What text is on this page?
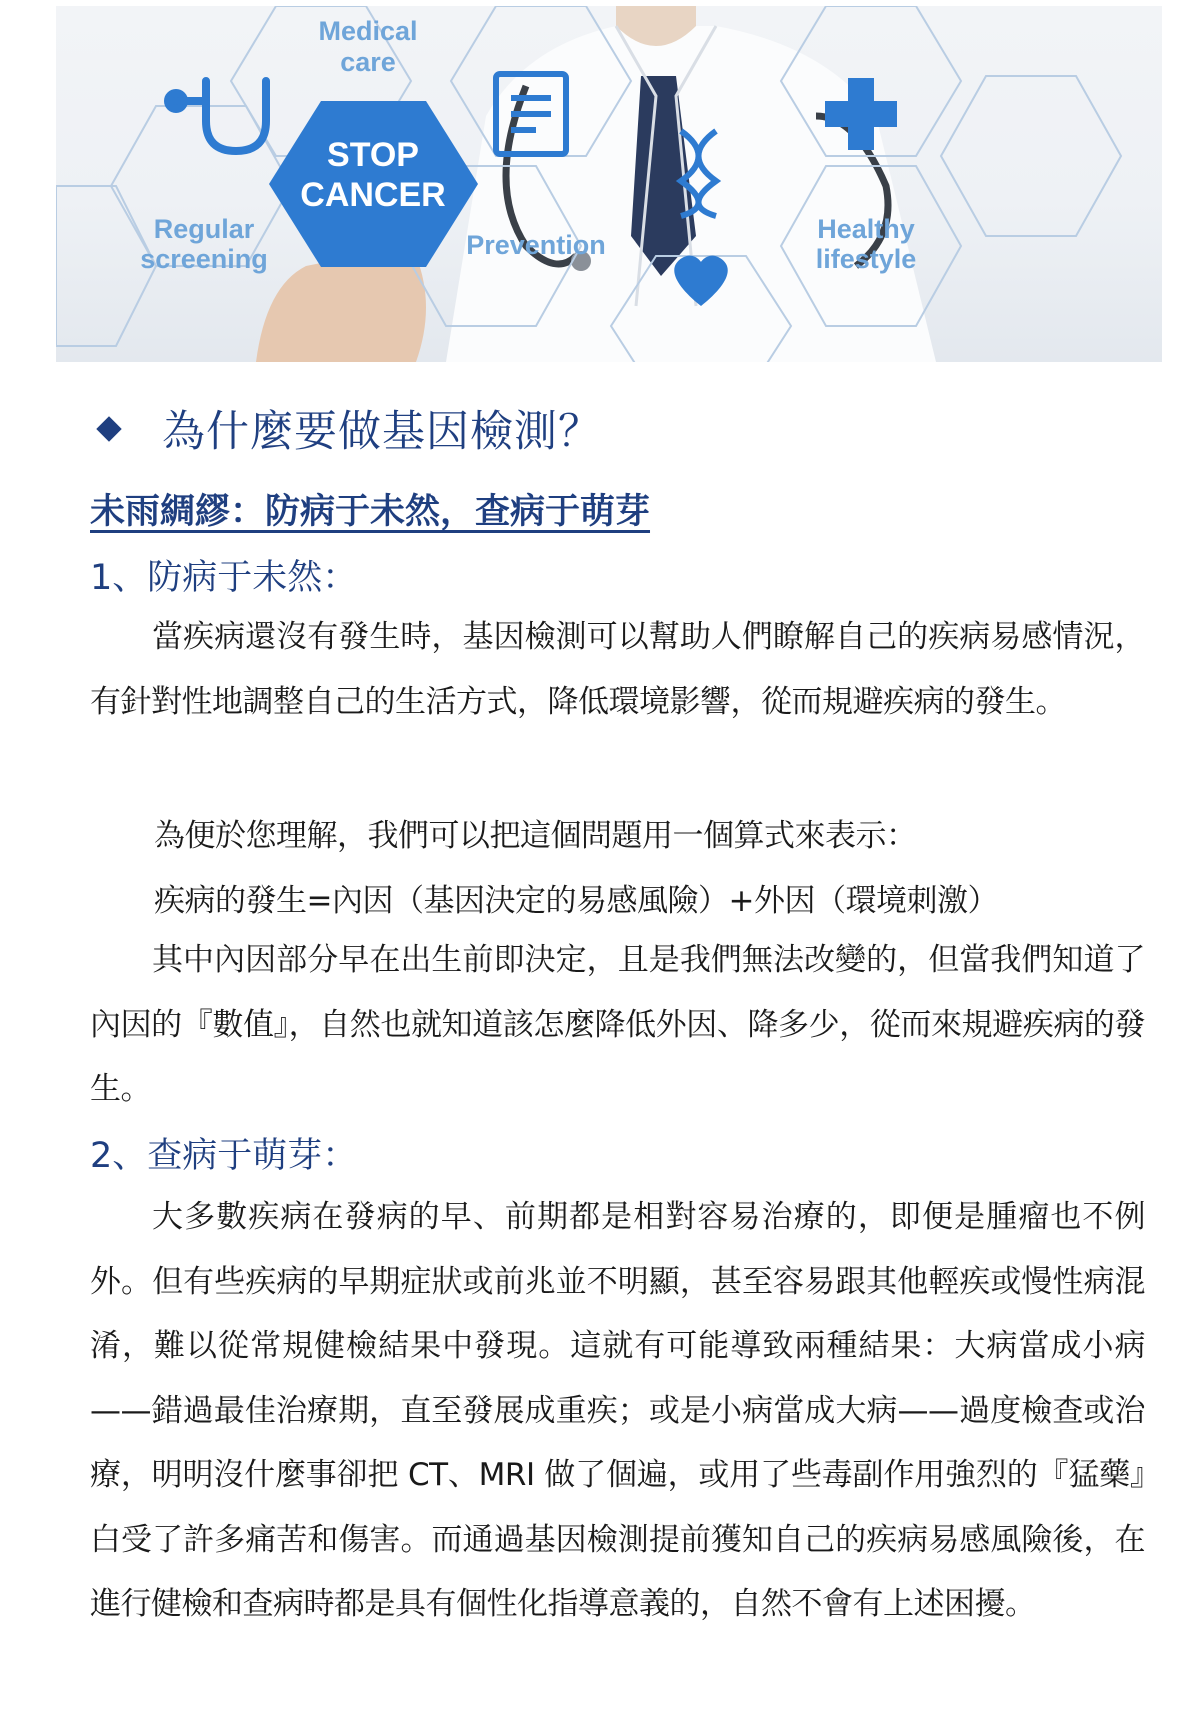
STOP
CANCER
Medical
care
Regular
screening	Prevention
Healthy
lifestyle
為什麼要做基因檢測？
未雨綢繆：防病于未然，查病于萌芽
1、防病于未然：
當疾病還沒有發生時，基因檢測可以幫助人們瞭解自己的疾病易感情況，有針對性地調整自己的生活方式，降低環境影響，從而規避疾病的發生。
為便於您理解，我們可以把這個問題用一個算式來表示：
疾病的發生=內因（基因決定的易感風險）+外因（環境刺激）
其中內因部分早在出生前即決定，且是我們無法改變的，但當我們知道了內因的『數值』，自然也就知道該怎麼降低外因、降多少，從而來規避疾病的發生。
2、查病于萌芽：
大多數疾病在發病的早、前期都是相對容易治療的，即便是腫瘤也不例外。但有些疾病的早期症狀或前兆並不明顯，甚至容易跟其他輕疾或慢性病混淆，難以從常規健檢結果中發現。這就有可能導致兩種結果：大病當成小病——錯過最佳治療期，直至發展成重疾；或是小病當成大病——過度檢查或治療，明明沒什麼事卻把 CT、MRI 做了個遍，或用了些毒副作用強烈的『猛藥』白受了許多痛苦和傷害。而通過基因檢測提前獲知自己的疾病易感風險後，在進行健檢和查病時都是具有個性化指導意義的，自然不會有上述困擾。
